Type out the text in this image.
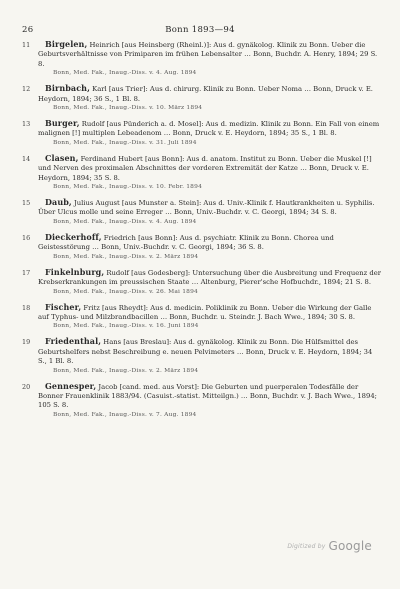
26	Bonn 1893—94
11	Birgelen, Heinrich [aus Heinsberg (Rheinl.)]: Aus d. gynäkolog. Klinik zu Bonn. Ueber die Geburtsverhältnisse von Primiparen im frühen Lebensalter … Bonn, Buchdr. A. Henry, 1894; 29 S. 8.
Bonn, Med. Fak., Inaug.-Diss. v. 4. Aug. 1894
12	Birnbach, Karl [aus Trier]: Aus d. chirurg. Klinik zu Bonn. Ueber Noma … Bonn, Druck v. E. Heydorn, 1894; 36 S., 1 Bl. 8.
Bonn, Med. Fak., Inaug.-Diss. v. 10. März 1894
13	Burger, Rudolf [aus Pünderich a. d. Mosel]: Aus d. medizin. Klinik zu Bonn. Ein Fall von einem malignen [!] multiplen Lebeadenom … Bonn, Druck v. E. Heydorn, 1894; 35 S., 1 Bl. 8.
Bonn, Med. Fak., Inaug.-Diss. v. 31. Juli 1894
14	Clasen, Ferdinand Hubert [aus Bonn]: Aus d. anatom. Institut zu Bonn. Ueber die Muskel [!] und Nerven des proximalen Abschnittes der vorderen Extremität der Katze … Bonn, Druck v. E. Heydorn, 1894; 35 S. 8.
Bonn, Med. Fak., Inaug.-Diss. v. 10. Febr. 1894
15	Daub, Julius August [aus Munster a. Stein]: Aus d. Univ.-Klinik f. Hautkrankheiten u. Syphilis. Über Ulcus molle und seine Erreger … Bonn, Univ.-Buchdr. v. C. Georgi, 1894; 34 S. 8.
Bonn, Med. Fak., Inaug.-Diss. v. 4. Aug. 1894
16	Dieckerhoff, Friedrich [aus Bonn]: Aus d. psychiatr. Klinik zu Bonn. Chorea und Geistesstörung … Bonn, Univ.-Buchdr. v. C. Georgi, 1894; 36 S. 8.
Bonn, Med. Fak., Inaug.-Diss. v. 2. März 1894
17	Finkelnburg, Rudolf [aus Godesberg]: Untersuchung über die Ausbreitung und Frequenz der Krebserkrankungen im preussischen Staate … Altenburg, Pierer'sche Hofbuchdr., 1894; 21 S. 8.
Bonn, Med. Fak., Inaug.-Diss. v. 26. Mai 1894
18	Fischer, Fritz [aus Rheydt]: Aus d. medicin. Poliklinik zu Bonn. Ueber die Wirkung der Galle auf Typhus- und Milzbrandbacillen … Bonn, Buchdr. u. Steindr. J. Bach Wwe., 1894; 30 S. 8.
Bonn, Med. Fak., Inaug.-Diss. v. 16. Juni 1894
19	Friedenthal, Hans [aus Breslau]: Aus d. gynäkolog. Klinik zu Bonn. Die Hülfsmittel des Geburtshelfers nebst Beschreibung e. neuen Pelvimeters … Bonn, Druck v. E. Heydorn, 1894; 34 S., 1 Bl. 8.
Bonn, Med. Fak., Inaug.-Diss. v. 2. März 1894
20	Gennesper, Jacob [cand. med. aus Vorst]: Die Geburten und puerperalen Todesfälle der Bonner Frauenklinik 1883/94. (Casuist.-statist. Mitteilgn.) … Bonn, Buchdr. v. J. Bach Wwe., 1894; 105 S. 8.
Bonn, Med. Fak., Inaug.-Diss. v. 7. Aug. 1894
Digitized by Google
